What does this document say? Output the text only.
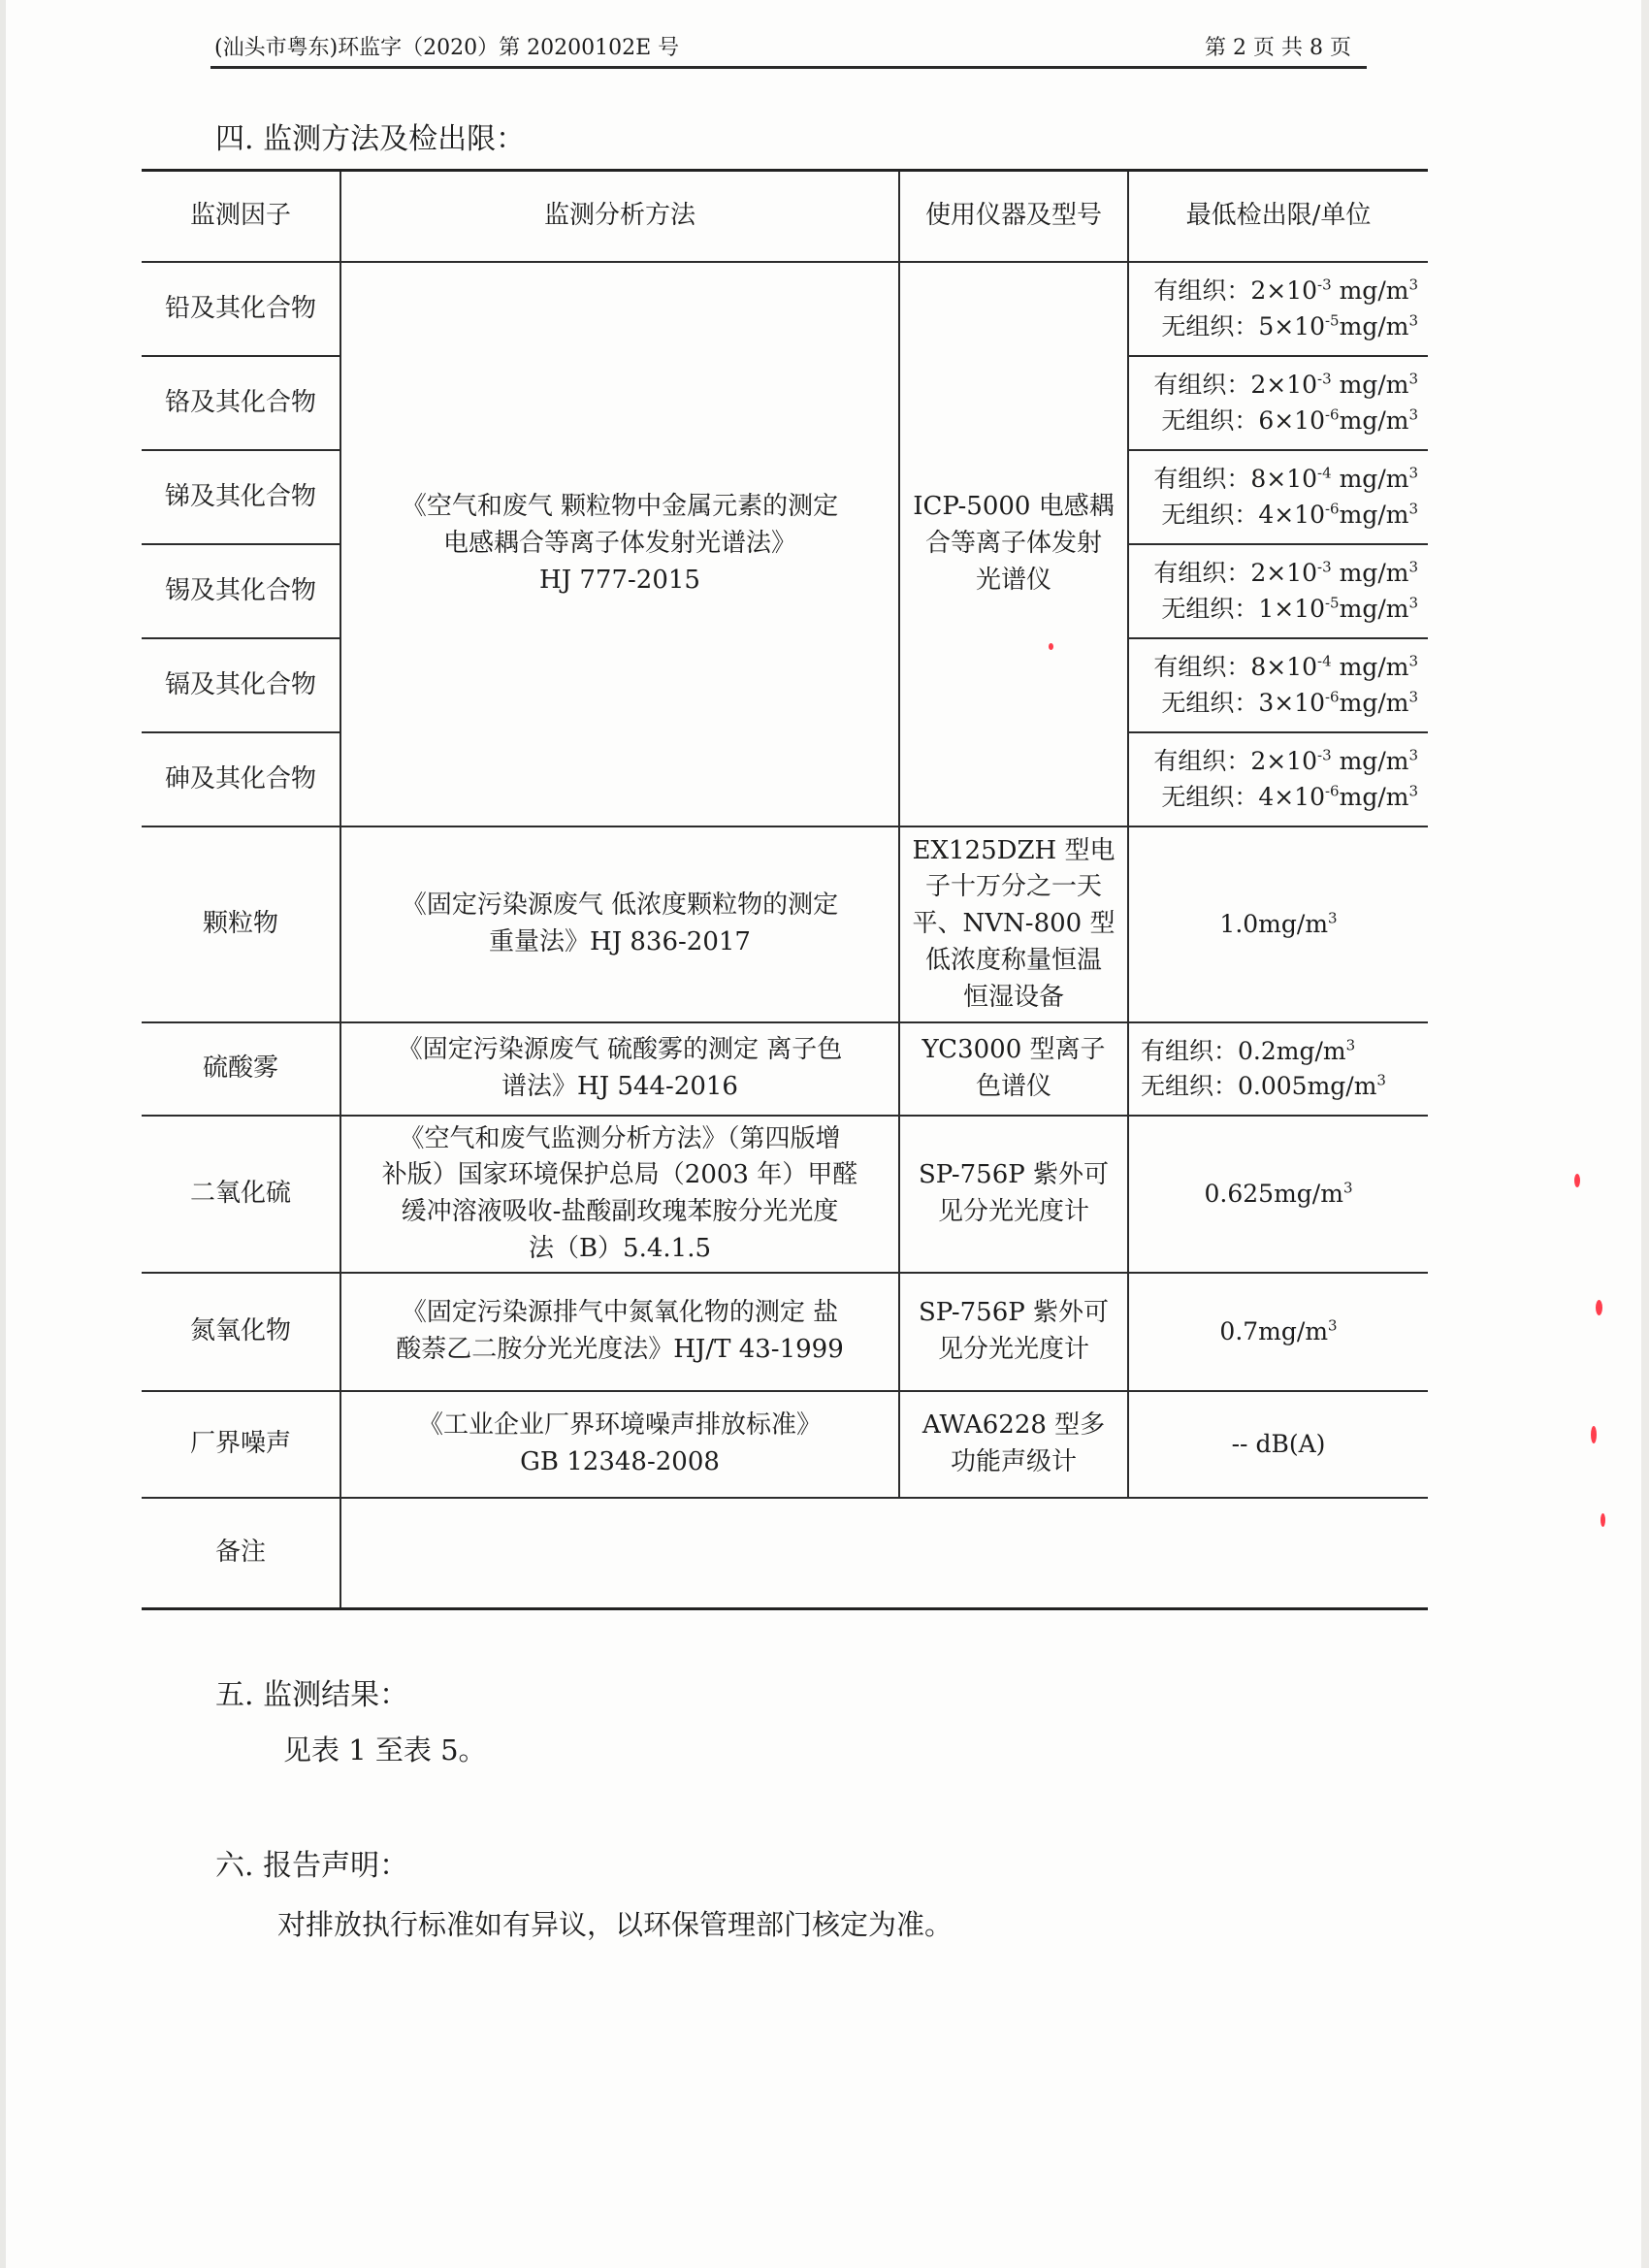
(汕头市粤东)环监字（2020）第 20200102E 号	第 2 页 共 8 页
四. 监测方法及检出限：
监测因子	监测分析方法	使用仪器及型号	最低检出限/单位
铅及其化合物	《空气和废气 颗粒物中金属元素的测定
电感耦合等离子体发射光谱法》
HJ 777-2015	ICP-5000 电感耦
合等离子体发射
光谱仪	有组织：$2\times 10^{-3}$ $mg/m^3$
无组织：$5\times 10^{-5}mg/m^3$

铬及其化合物			有组织：$2\times 10^{-3}$ $mg/m^3$
无组织：$6\times 10^{-6}mg/m^3$

锑及其化合物			有组织：$8\times 10^{-4}$ $mg/m^3$
无组织：$4\times 10^{-6}mg/m^3$

锡及其化合物			有组织：$2\times 10^{-3}$ $mg/m^3$
无组织：$1\times 10^{-5}mg/m^3$

镉及其化合物			有组织：$8\times 10^{-4}$ $mg/m^3$
无组织：$3\times 10^{-6}mg/m^3$

砷及其化合物			有组织：$2\times 10^{-3}$ $mg/m^3$
无组织：$4\times 10^{-6}mg/m^3$

颗粒物	《固定污染源废气 低浓度颗粒物的测定
重量法》HJ 836-2017	EX125DZH 型电
子十万分之一天
平、NVN-800 型
低浓度称量恒温
恒湿设备	$1.0mg/m^3$

硫酸雾	《固定污染源废气 硫酸雾的测定 离子色
谱法》HJ 544-2016	YC3000 型离子
色谱仪	有组织：$0.2mg/m^3$
无组织：$0.005mg/m^3$

二氧化硫	《空气和废气监测分析方法》（第四版增
补版）国家环境保护总局（2003 年）甲醛
缓冲溶液吸收-盐酸副玫瑰苯胺分光光度
法（B）5.4.1.5	SP-756P 紫外可
见分光光度计	$0.625mg/m^3$

氮氧化物	《固定污染源排气中氮氧化物的测定 盐
酸萘乙二胺分光光度法》HJ/T 43-1999	SP-756P 紫外可
见分光光度计	$0.7mg/m^3$

厂界噪声	《工业企业厂界环境噪声排放标准》
GB 12348-2008	AWA6228 型多
功能声级计	-- dB(A)

备注			
五. 监测结果：
见表 1 至表 5。
六. 报告声明：
对排放执行标准如有异议，以环保管理部门核定为准。
